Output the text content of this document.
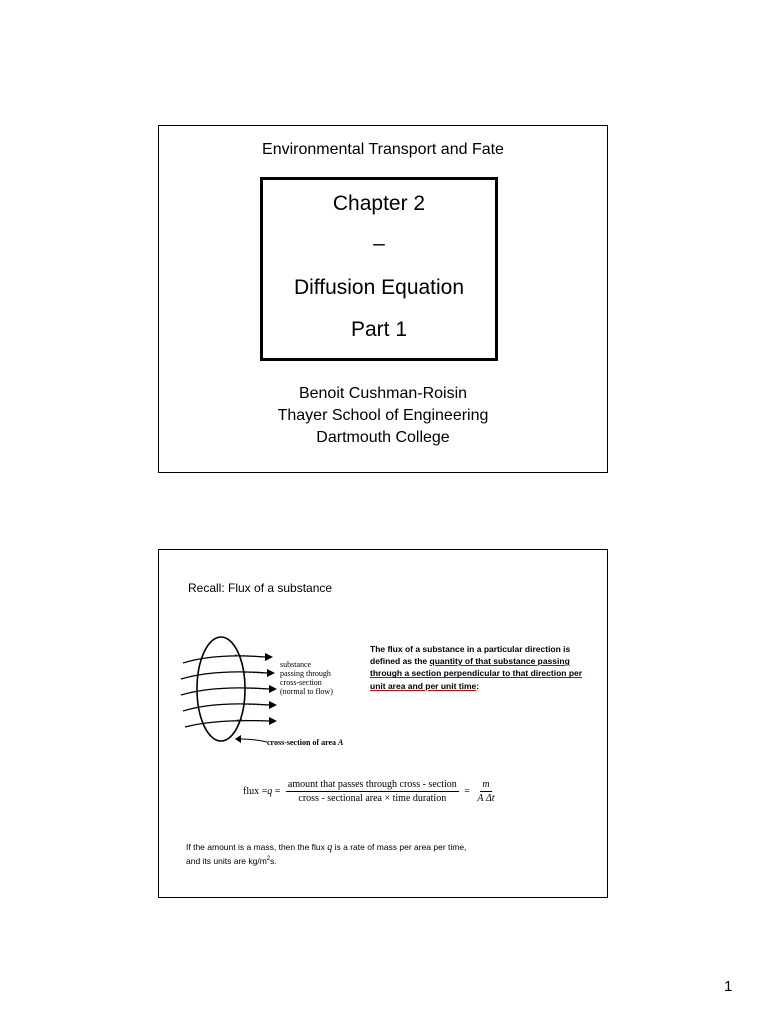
Environmental Transport and Fate
Chapter 2
–
Diffusion Equation
Part 1
Benoit Cushman-Roisin
Thayer School of Engineering
Dartmouth College
Recall: Flux of a substance
substance
passing through
cross-section
(normal to flow)
cross-section of area A
The flux of a substance in a particular direction is defined as the quantity of that substance passing through a section perpendicular to that direction per unit area and per unit time:
flux = $q = \frac{\text{amount that passes through cross - section}}{\text{cross - sectional area × time duration}} = \frac{m}{\text{A Δt}}$
If the amount is a mass, then the flux q is a rate of mass per area per time,
and its units are $kg/m^2s$.
1
